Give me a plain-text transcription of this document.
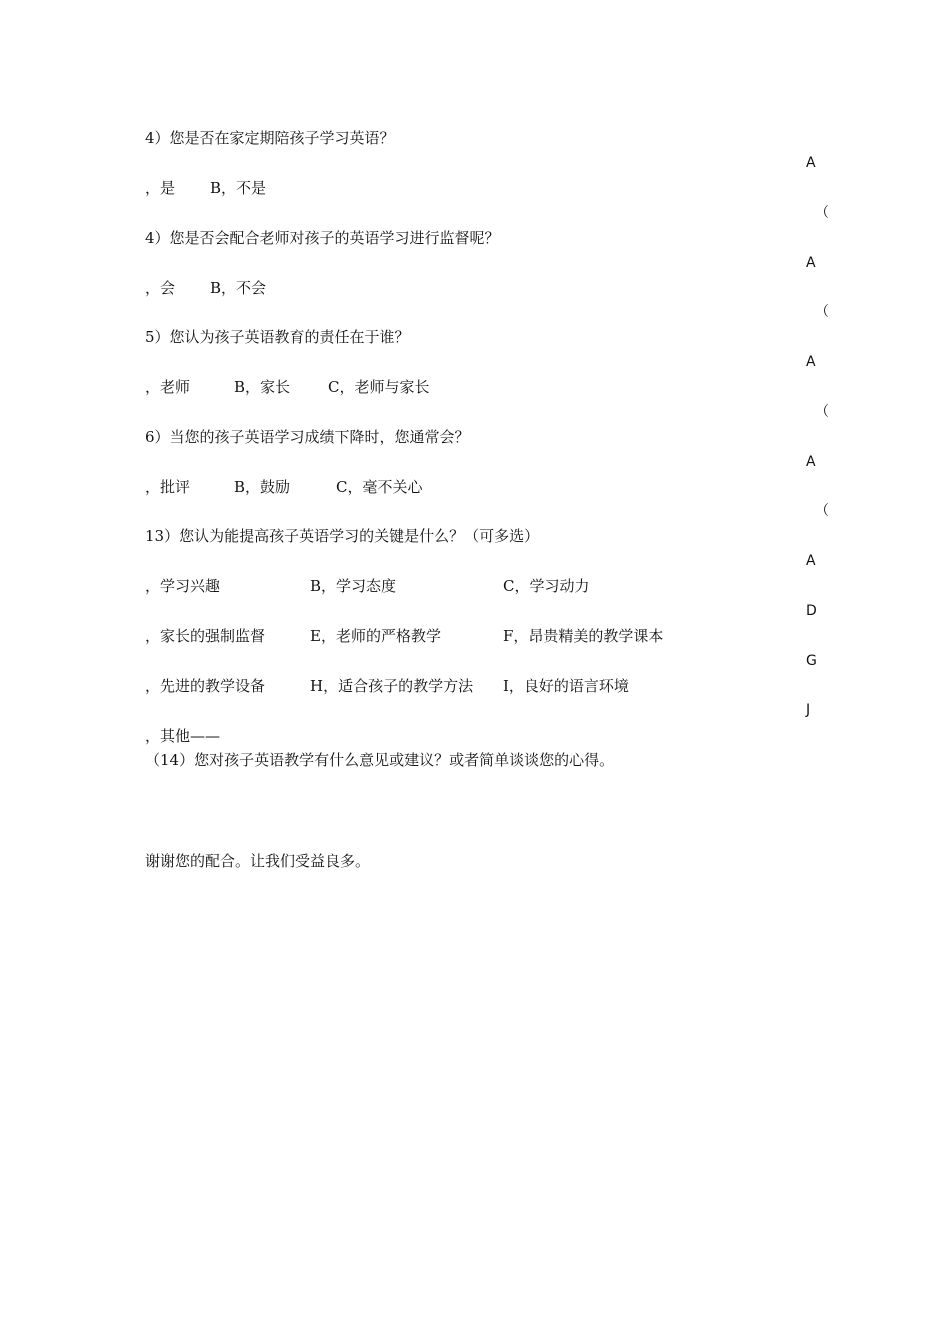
4）您是否在家定期陪孩子学习英语？
，是 B，不是
4）您是否会配合老师对孩子的英语学习进行监督呢？
，会 B，不会
5）您认为孩子英语教育的责任在于谁？
，老师	B，家长	C，老师与家长
6）当您的孩子英语学习成绩下降时，您通常会？
，批评	B，鼓励	C，毫不关心
13）您认为能提高孩子英语学习的关键是什么？（可多选）
，学习兴趣	B，学习态度	C，学习动力
，家长的强制监督	E，老师的严格教学	F，昂贵精美的教学课本
，先进的教学设备	H，适合孩子的教学方法 I，良好的语言环境
，其他——
（14）您对孩子英语教学有什么意见或建议？或者简单谈谈您的心得。
谢谢您的配合。让我们受益良多。
A
（
A
（
A
（
A
（
A
D
G
J
